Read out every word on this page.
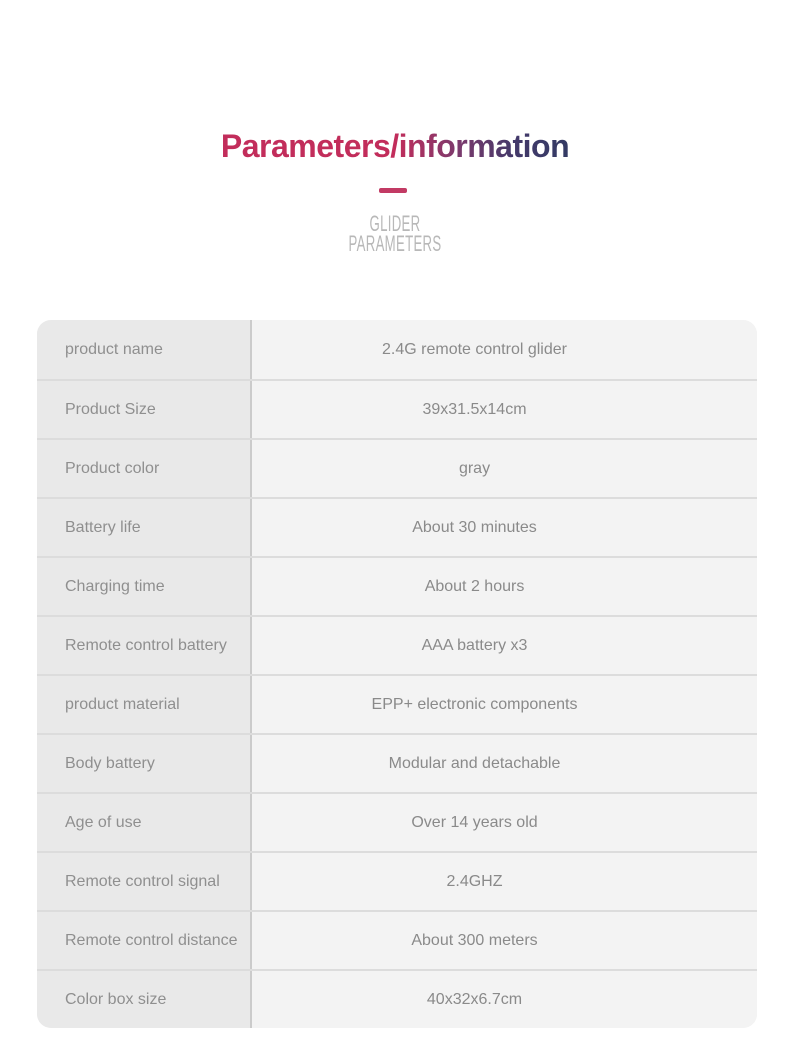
Parameters/information
GLIDER
PARAMETERS
product name	2.4G remote control glider
Product Size	39x31.5x14cm
Product color	gray
Battery life	About 30 minutes
Charging time	About 2 hours
Remote control battery	AAA battery x3
product material	EPP+ electronic components
Body battery	Modular and detachable
Age of use	Over 14 years old
Remote control signal	2.4GHZ
Remote control distance	About 300 meters
Color box size	40x32x6.7cm
